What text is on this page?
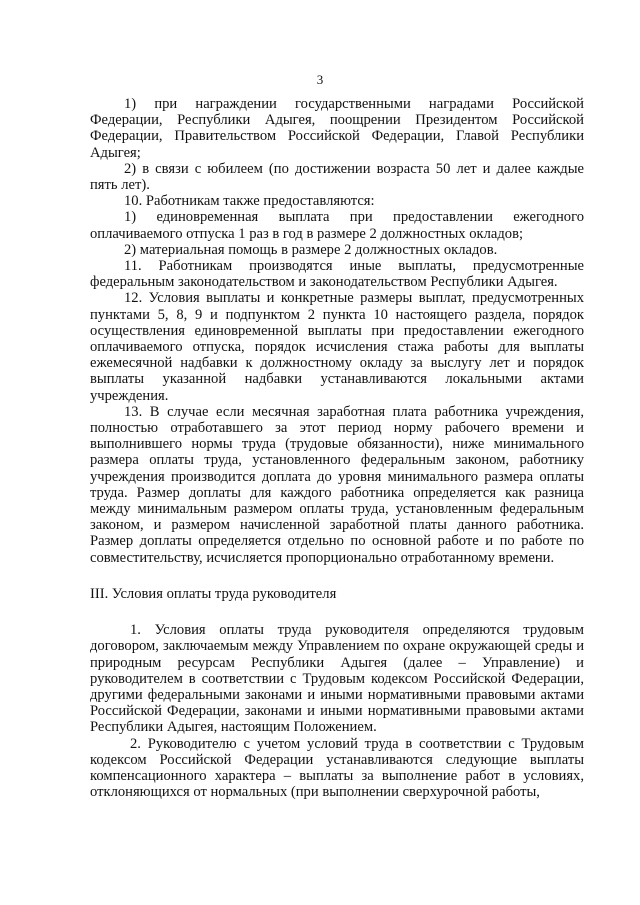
3

1) при награждении государственными наградами Российской Федерации, Республики Адыгея, поощрении Президентом Российской Федерации, Правительством Российской Федерации, Главой Республики Адыгея;

2) в связи с юбилеем (по достижении возраста 50 лет и далее каждые пять лет).

10. Работникам также предоставляются:

1) единовременная выплата при предоставлении ежегодного оплачиваемого отпуска 1 раз в год в размере 2 должностных окладов;

2) материальная помощь в размере 2 должностных окладов.

11. Работникам производятся иные выплаты, предусмотренные федеральным законодательством и законодательством Республики Адыгея.

12. Условия выплаты и конкретные размеры выплат, предусмотренных пунктами 5, 8, 9 и подпунктом 2 пункта 10 настоящего раздела, порядок осуществления единовременной выплаты при предоставлении ежегодного оплачиваемого отпуска, порядок исчисления стажа работы для выплаты ежемесячной надбавки к должностному окладу за выслугу лет и порядок выплаты указанной надбавки устанавливаются локальными актами учреждения.

13. В случае если месячная заработная плата работника учреждения, полностью отработавшего за этот период норму рабочего времени и выполнившего нормы труда (трудовые обязанности), ниже минимального размера оплаты труда, установленного федеральным законом, работнику учреждения производится доплата до уровня минимального размера оплаты труда. Размер доплаты для каждого работника определяется как разница между минимальным размером оплаты труда, установленным федеральным законом, и размером начисленной заработной платы данного работника. Размер доплаты определяется отдельно по основной работе и по работе по совместительству, исчисляется пропорционально отработанному времени.

III. Условия оплаты труда руководителя

1. Условия оплаты труда руководителя определяются трудовым договором, заключаемым между Управлением по охране окружающей среды и природным ресурсам Республики Адыгея (далее – Управление) и руководителем в соответствии с Трудовым кодексом Российской Федерации, другими федеральными законами и иными нормативными правовыми актами Российской Федерации, законами и иными нормативными правовыми актами Республики Адыгея, настоящим Положением.

2. Руководителю с учетом условий труда в соответствии с Трудовым кодексом Российской Федерации устанавливаются следующие выплаты компенсационного характера – выплаты за выполнение работ в условиях, отклоняющихся от нормальных (при выполнении сверхурочной работы,
